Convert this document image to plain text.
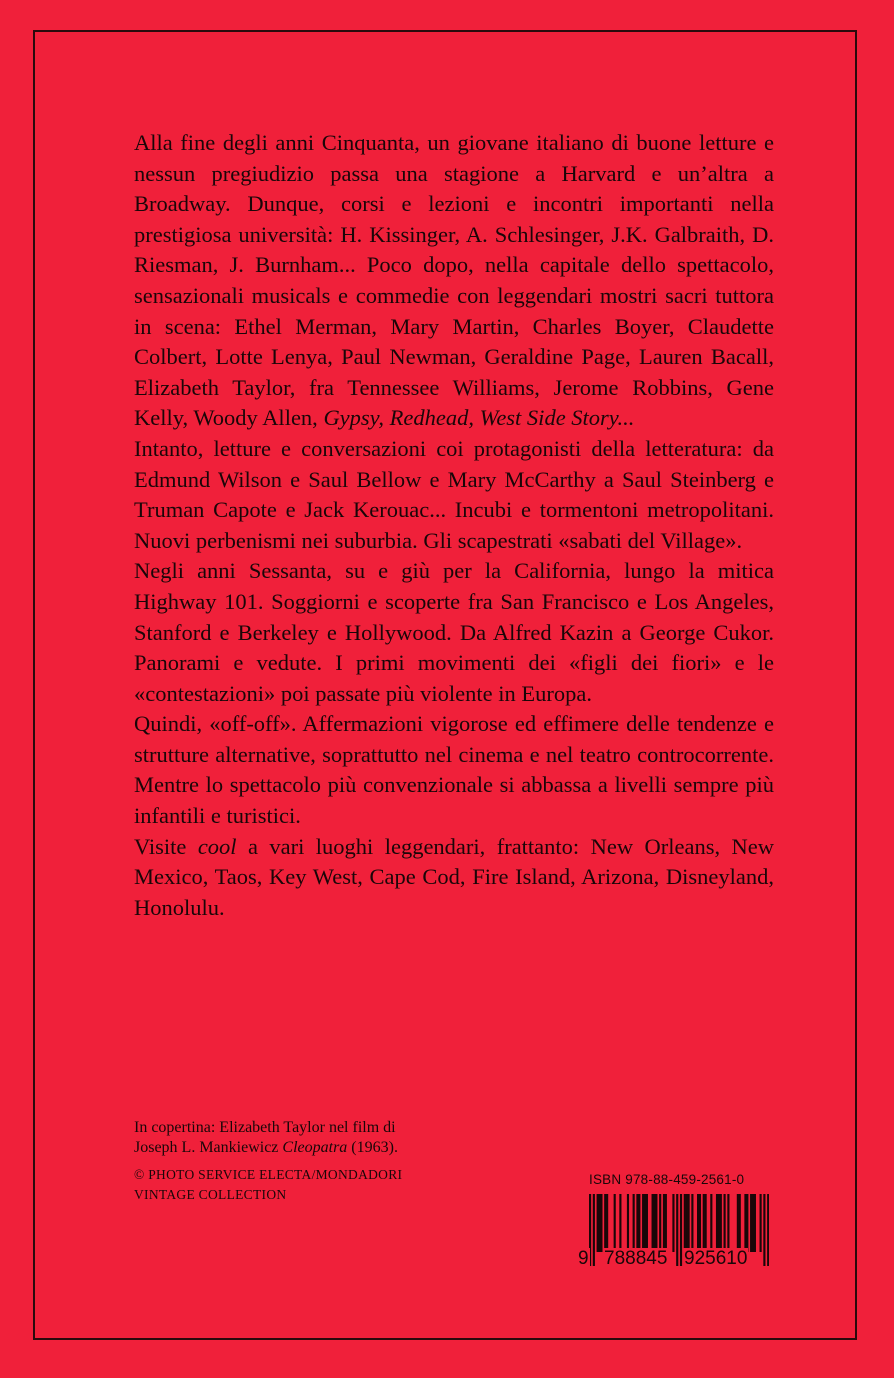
Alla fine degli anni Cinquanta, un giovane italiano di buone letture e nessun pregiudizio passa una stagione a Harvard e un’altra a Broadway. Dunque, corsi e lezioni e incontri importanti nella prestigiosa università: H. Kissinger, A. Schlesinger, J.K. Galbraith, D. Riesman, J. Burnham... Poco dopo, nella capitale dello spettacolo, sensazionali musicals e commedie con leggendari mostri sacri tuttora in scena: Ethel Merman, Mary Martin, Charles Boyer, Claudette Colbert, Lotte Lenya, Paul Newman, Geraldine Page, Lauren Bacall, Elizabeth Taylor, fra Tennessee Williams, Jerome Robbins, Gene Kelly, Woody Allen, Gypsy, Redhead, West Side Story...

Intanto, letture e conversazioni coi protagonisti della letteratura: da Edmund Wilson e Saul Bellow e Mary McCarthy a Saul Steinberg e Truman Capote e Jack Kerouac... Incubi e tormentoni metropolitani. Nuovi perbenismi nei suburbia. Gli scapestrati «sabati del Village».

Negli anni Sessanta, su e giù per la California, lungo la mitica Highway 101. Soggiorni e scoperte fra San Francisco e Los Angeles, Stanford e Berkeley e Hollywood. Da Alfred Kazin a George Cukor. Panorami e vedute. I primi movimenti dei «figli dei fiori» e le «contestazioni» poi passate più violente in Europa.

Quindi, «off-off». Affermazioni vigorose ed effimere delle tendenze e strutture alternative, soprattutto nel cinema e nel teatro controcorrente. Mentre lo spettacolo più convenzionale si abbassa a livelli sempre più infantili e turistici.

Visite cool a vari luoghi leggendari, frattanto: New Orleans, New Mexico, Taos, Key West, Cape Cod, Fire Island, Arizona, Disneyland, Honolulu.

In copertina: Elizabeth Taylor nel film di Joseph L. Mankiewicz Cleopatra (1963).

© PHOTO SERVICE ELECTA/MONDADORI VINTAGE COLLECTION

ISBN 978-88-459-2561-0
9 788845 925610
